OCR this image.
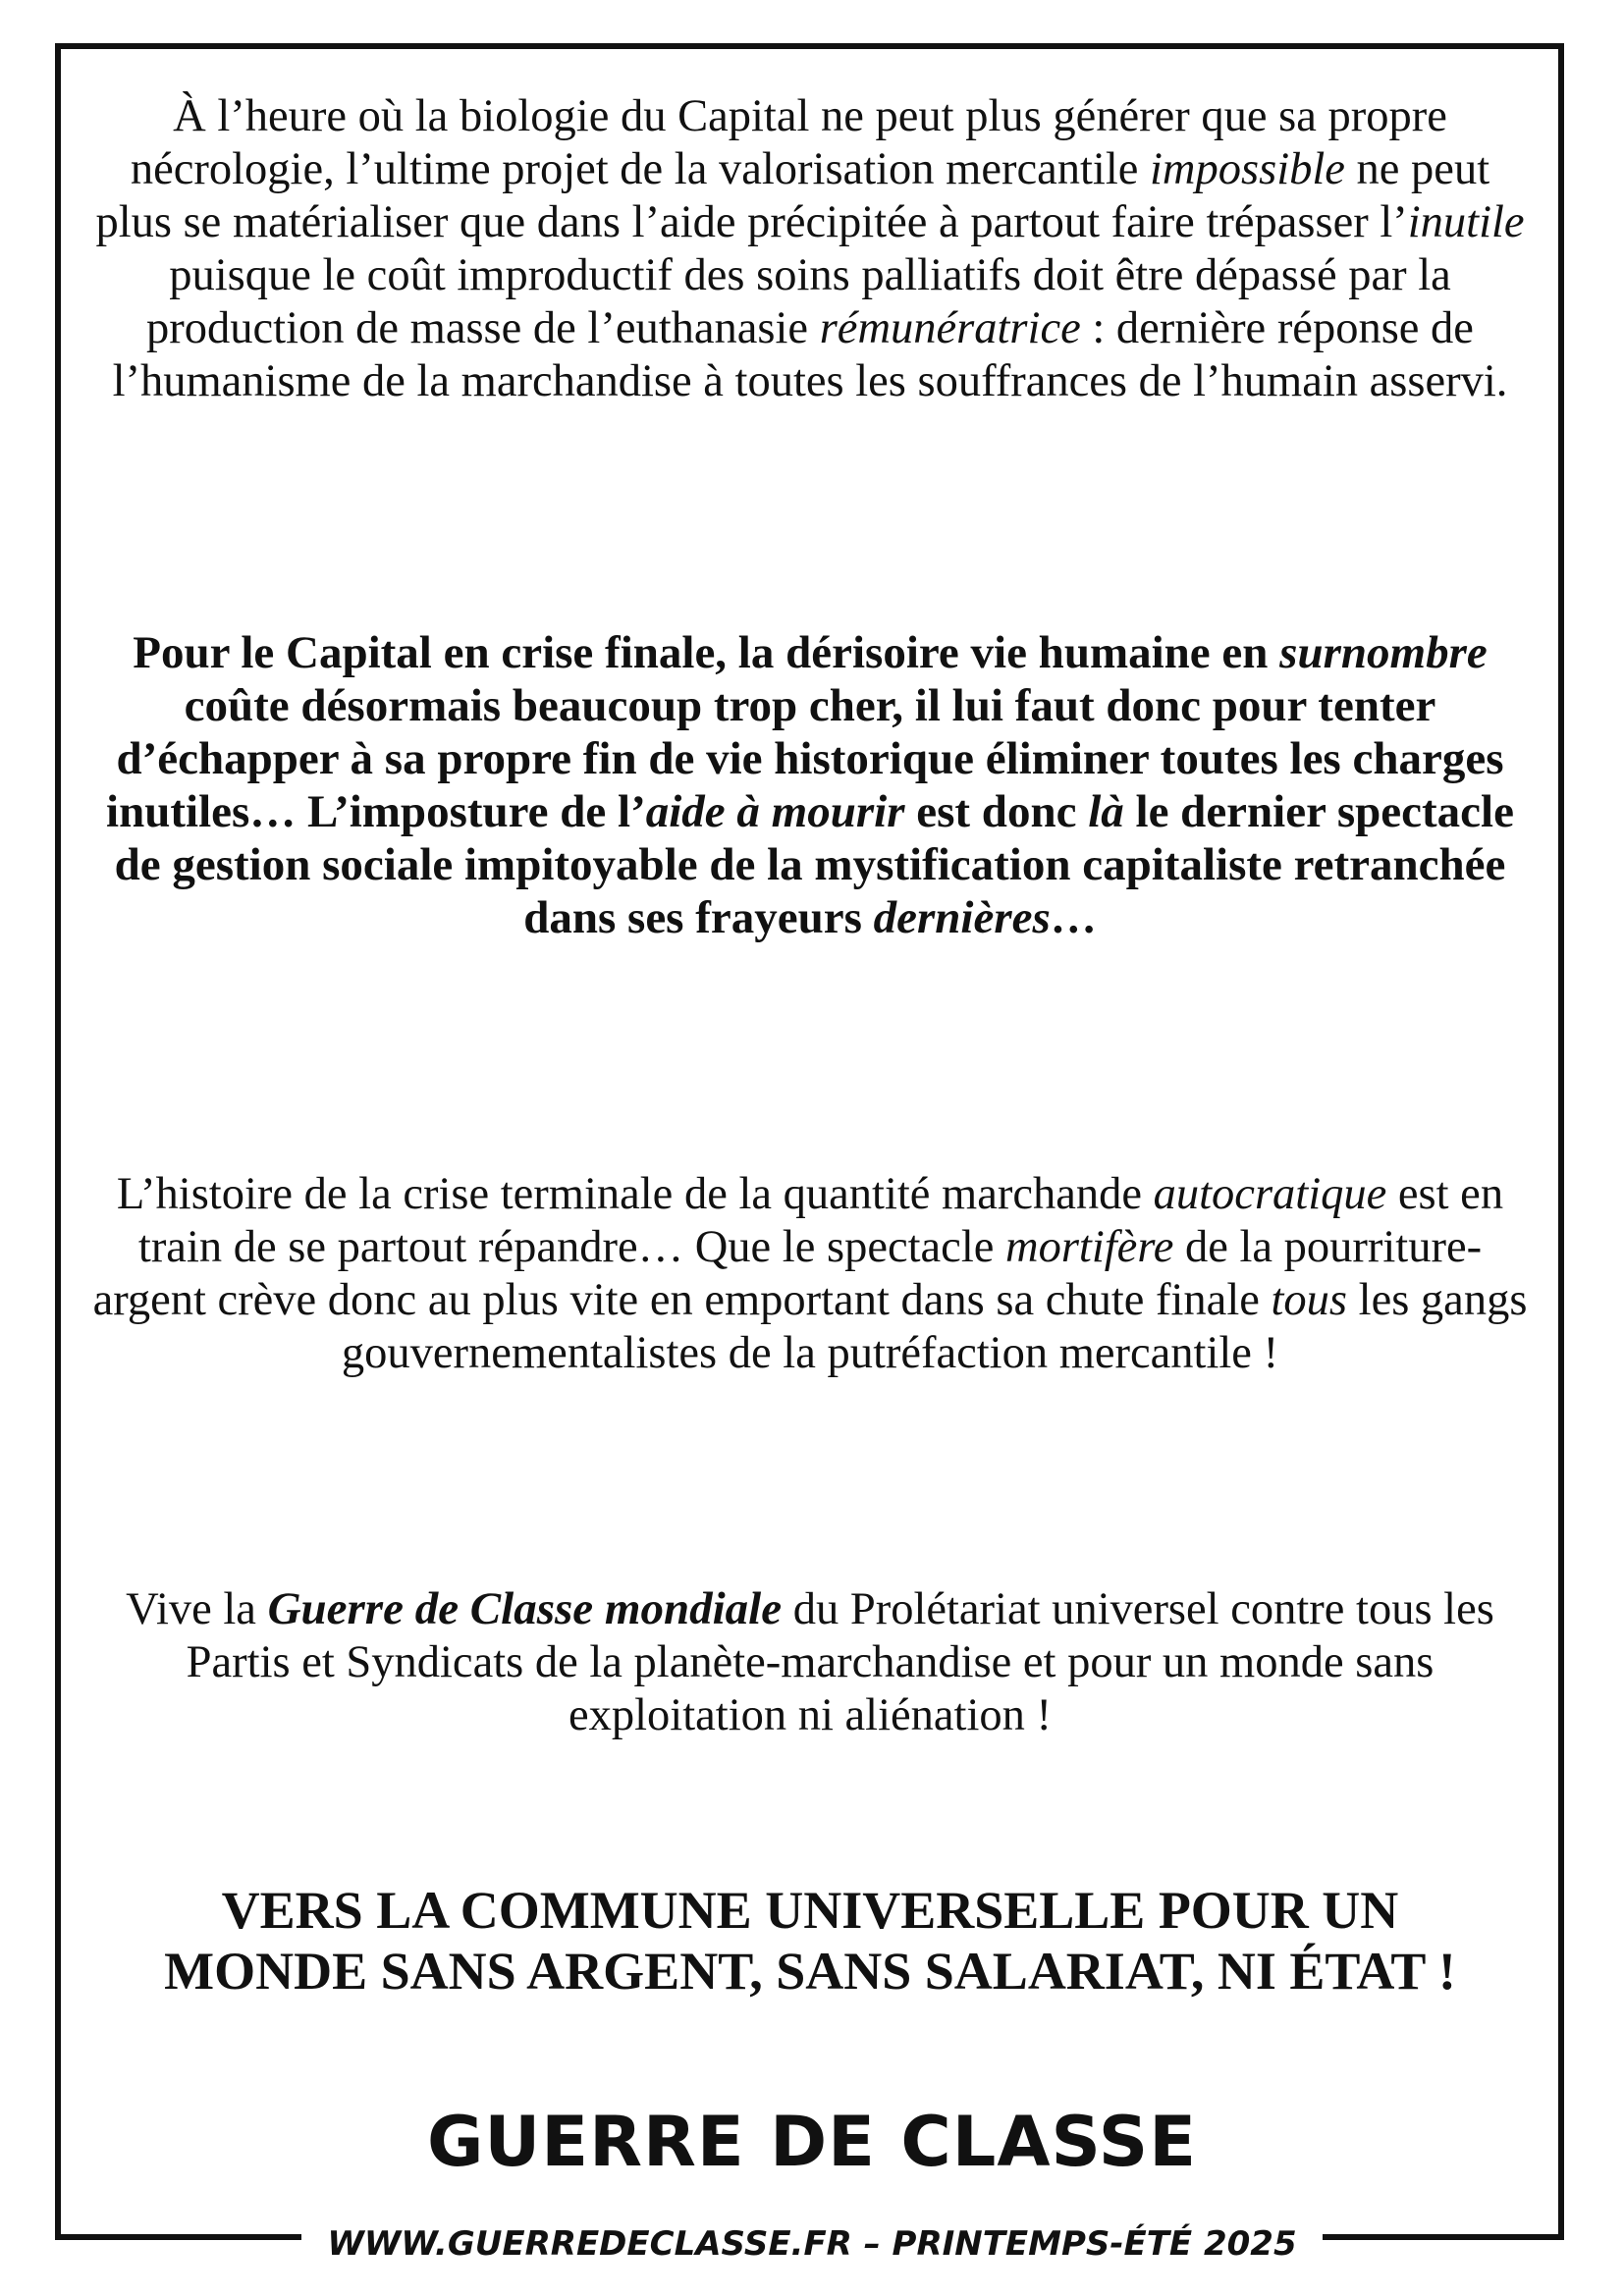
À l’heure où la biologie du Capital ne peut plus générer que sa propre nécrologie, l’ultime projet de la valorisation mercantile impossible ne peut plus se matérialiser que dans l’aide précipitée à partout faire trépasser l’inutile puisque le coût improductif des soins palliatifs doit être dépassé par la production de masse de l’euthanasie rémunératrice : dernière réponse de l’humanisme de la marchandise à toutes les souffrances de l’humain asservi.

Pour le Capital en crise finale, la dérisoire vie humaine en surnombre coûte désormais beaucoup trop cher, il lui faut donc pour tenter d’échapper à sa propre fin de vie historique éliminer toutes les charges inutiles… L’imposture de l’aide à mourir est donc là le dernier spectacle de gestion sociale impitoyable de la mystification capitaliste retranchée dans ses frayeurs dernières…

L’histoire de la crise terminale de la quantité marchande autocratique est en train de se partout répandre… Que le spectacle mortifère de la pourriture-argent crève donc au plus vite en emportant dans sa chute finale tous les gangs gouvernementalistes de la putréfaction mercantile !

Vive la Guerre de Classe mondiale du Prolétariat universel contre tous les Partis et Syndicats de la planète-marchandise et pour un monde sans exploitation ni aliénation !

VERS LA COMMUNE UNIVERSELLE POUR UN MONDE SANS ARGENT, SANS SALARIAT, NI ÉTAT !

GUERRE DE CLASSE
WWW.GUERREDECLASSE.FR – PRINTEMPS-ÉTÉ 2025
